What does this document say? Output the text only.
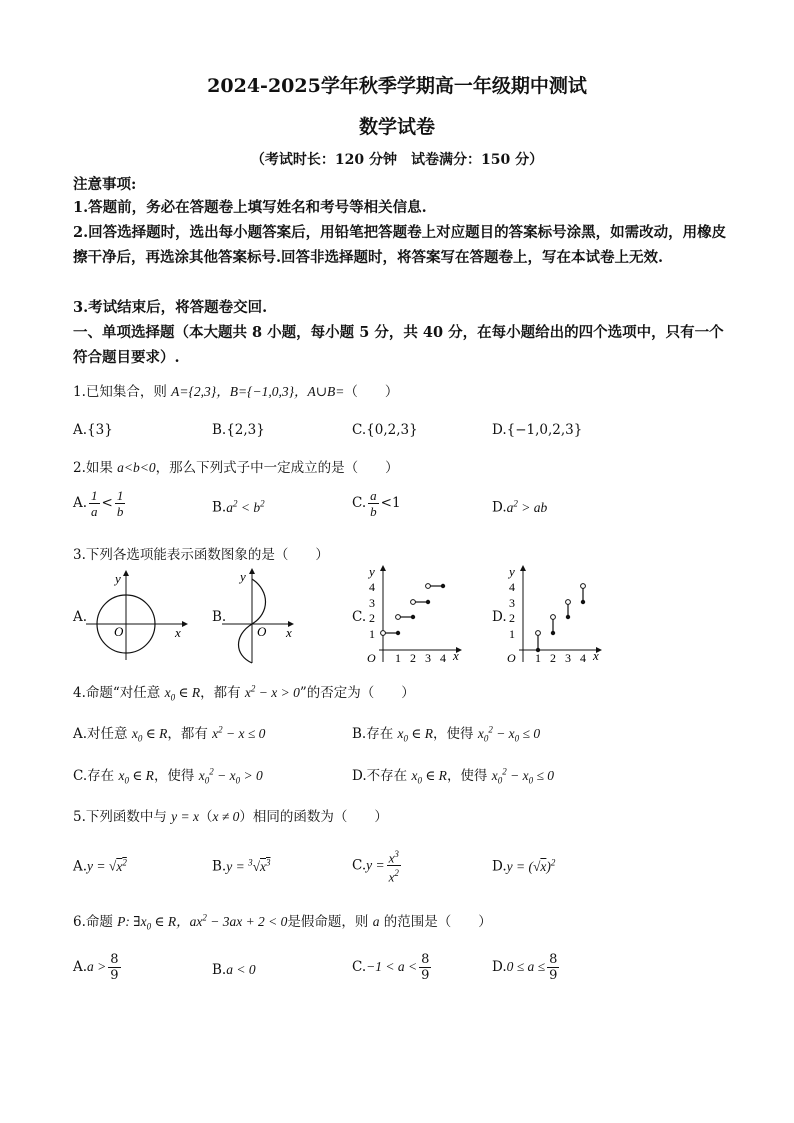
2024-2025学年秋季学期高一年级期中测试
数学试卷
（考试时长：120 分钟　试卷满分：150 分）
注意事项:
1.答题前，务必在答题卷上填写姓名和考号等相关信息.
2.回答选择题时，选出每小题答案后，用铅笔把答题卷上对应题目的答案标号涂黑，如需改动，用橡皮擦干净后，再选涂其他答案标号.回答非选择题时，将答案写在答题卷上，写在本试卷上无效.
3.考试结束后，将答题卷交回.
一、单项选择题（本大题共 8 小题，每小题 5 分，共 40 分，在每小题给出的四个选项中，只有一个符合题目要求）.
1.已知集合，则 A={2,3}，B={−1,0,3}，A∪B=（　　）
A.{3}	B.{2,3}	C.{0,2,3}	D.{−1,0,2,3}
2.如果 a<b<0，那么下列式子中一定成立的是（　　）
A. $\frac{1}{a} < \frac{1}{b}$	$B.a^2 < b^2$	C. $\frac{a}{b} <1$	$D.a^2$ > ab
3.下列各选项能表示函数图象的是（　　）
A.
x
y
O
B.
x
y
O
C.
y
4
3
2
1
O 1 2 3 4 x
D.
y
4
3
2
1
O 1 2 3 4 x
4.命题“对任意 $x_0$ ∈ R，都有 $x^2 - x > 0$”的否定为（　　）
A.对任意 $x_0$ ∈ R，都有 $x^2 - x \le 0$	B.存在 $x_0$ ∈ R，使得 $x_0^2 - x_0 \le 0$
C.存在 $x_0$ ∈ R，使得 $x_0^2 - x_0 > 0$	D.不存在 $x_0$ ∈ R，使得 $x_0^2 - x_0 \le 0$
5.下列函数中与 y = x（x ≠ 0）相同的函数为（　　）
$A.y = √x^2$	$B.y = ^3√x^3$	$C.y = \frac{x^3}{x^2}$	$D.y = (√x)^2$
6.命题 P: $\exists x_0$ ∈ R，$ax^2 - 3ax + 2 < 0$是假命题，则 a 的范围是（　　）
$A.a > \frac{8}{9}$	B.a < 0	$C.-1 < a < \frac{8}{9}$	$D.0 \le a \le \frac{8}{9}$
